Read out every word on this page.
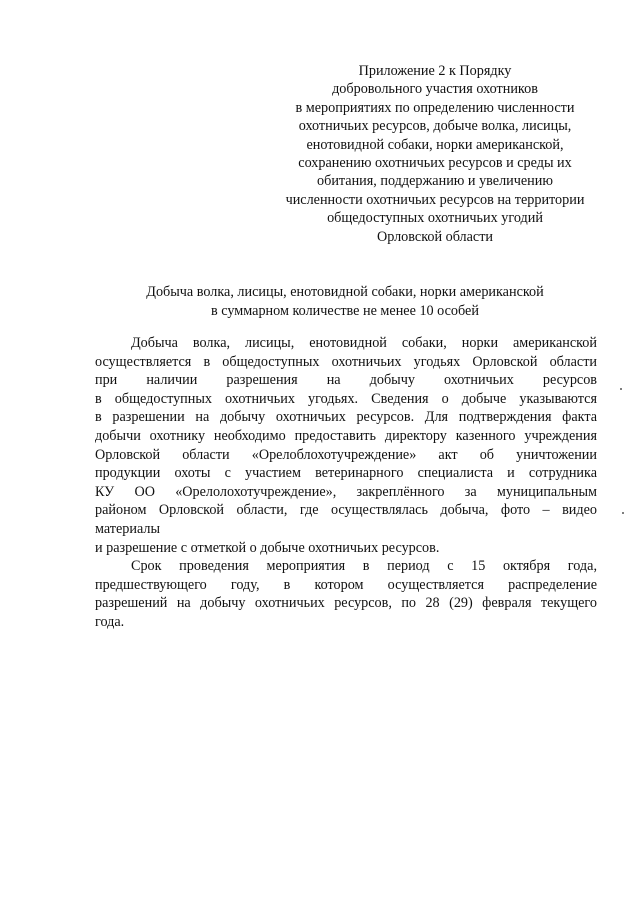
Приложение 2 к Порядку
добровольного участия охотников
в мероприятиях по определению численности
охотничьих ресурсов, добыче волка, лисицы,
енотовидной собаки, норки американской,
сохранению охотничьих ресурсов и среды их
обитания, поддержанию и увеличению
численности охотничьих ресурсов на территории
общедоступных охотничьих угодий
Орловской области
Добыча волка, лисицы, енотовидной собаки, норки американской
в суммарном количестве не менее 10 особей
Добыча волка, лисицы, енотовидной собаки, норки американской
осуществляется в общедоступных охотничьих угодьях Орловской области
при наличии разрешения на добычу охотничьих ресурсов
в общедоступных охотничьих угодьях. Сведения о добыче указываются
в разрешении на добычу охотничьих ресурсов. Для подтверждения факта
добычи охотнику необходимо предоставить директору казенного учреждения
Орловской области «Орелоблохотучреждение» акт об уничтожении
продукции охоты с участием ветеринарного специалиста и сотрудника
КУ ОО «Орелолохотучреждение», закреплённого за муниципальным
районом Орловской области, где осуществлялась добыча, фото – видео
материалы
и разрешение с отметкой о добыче охотничьих ресурсов.
Срок проведения мероприятия в период с 15 октября года,
предшествующего году, в котором осуществляется распределение
разрешений на добычу охотничьих ресурсов, по 28 (29) февраля текущего
года.
